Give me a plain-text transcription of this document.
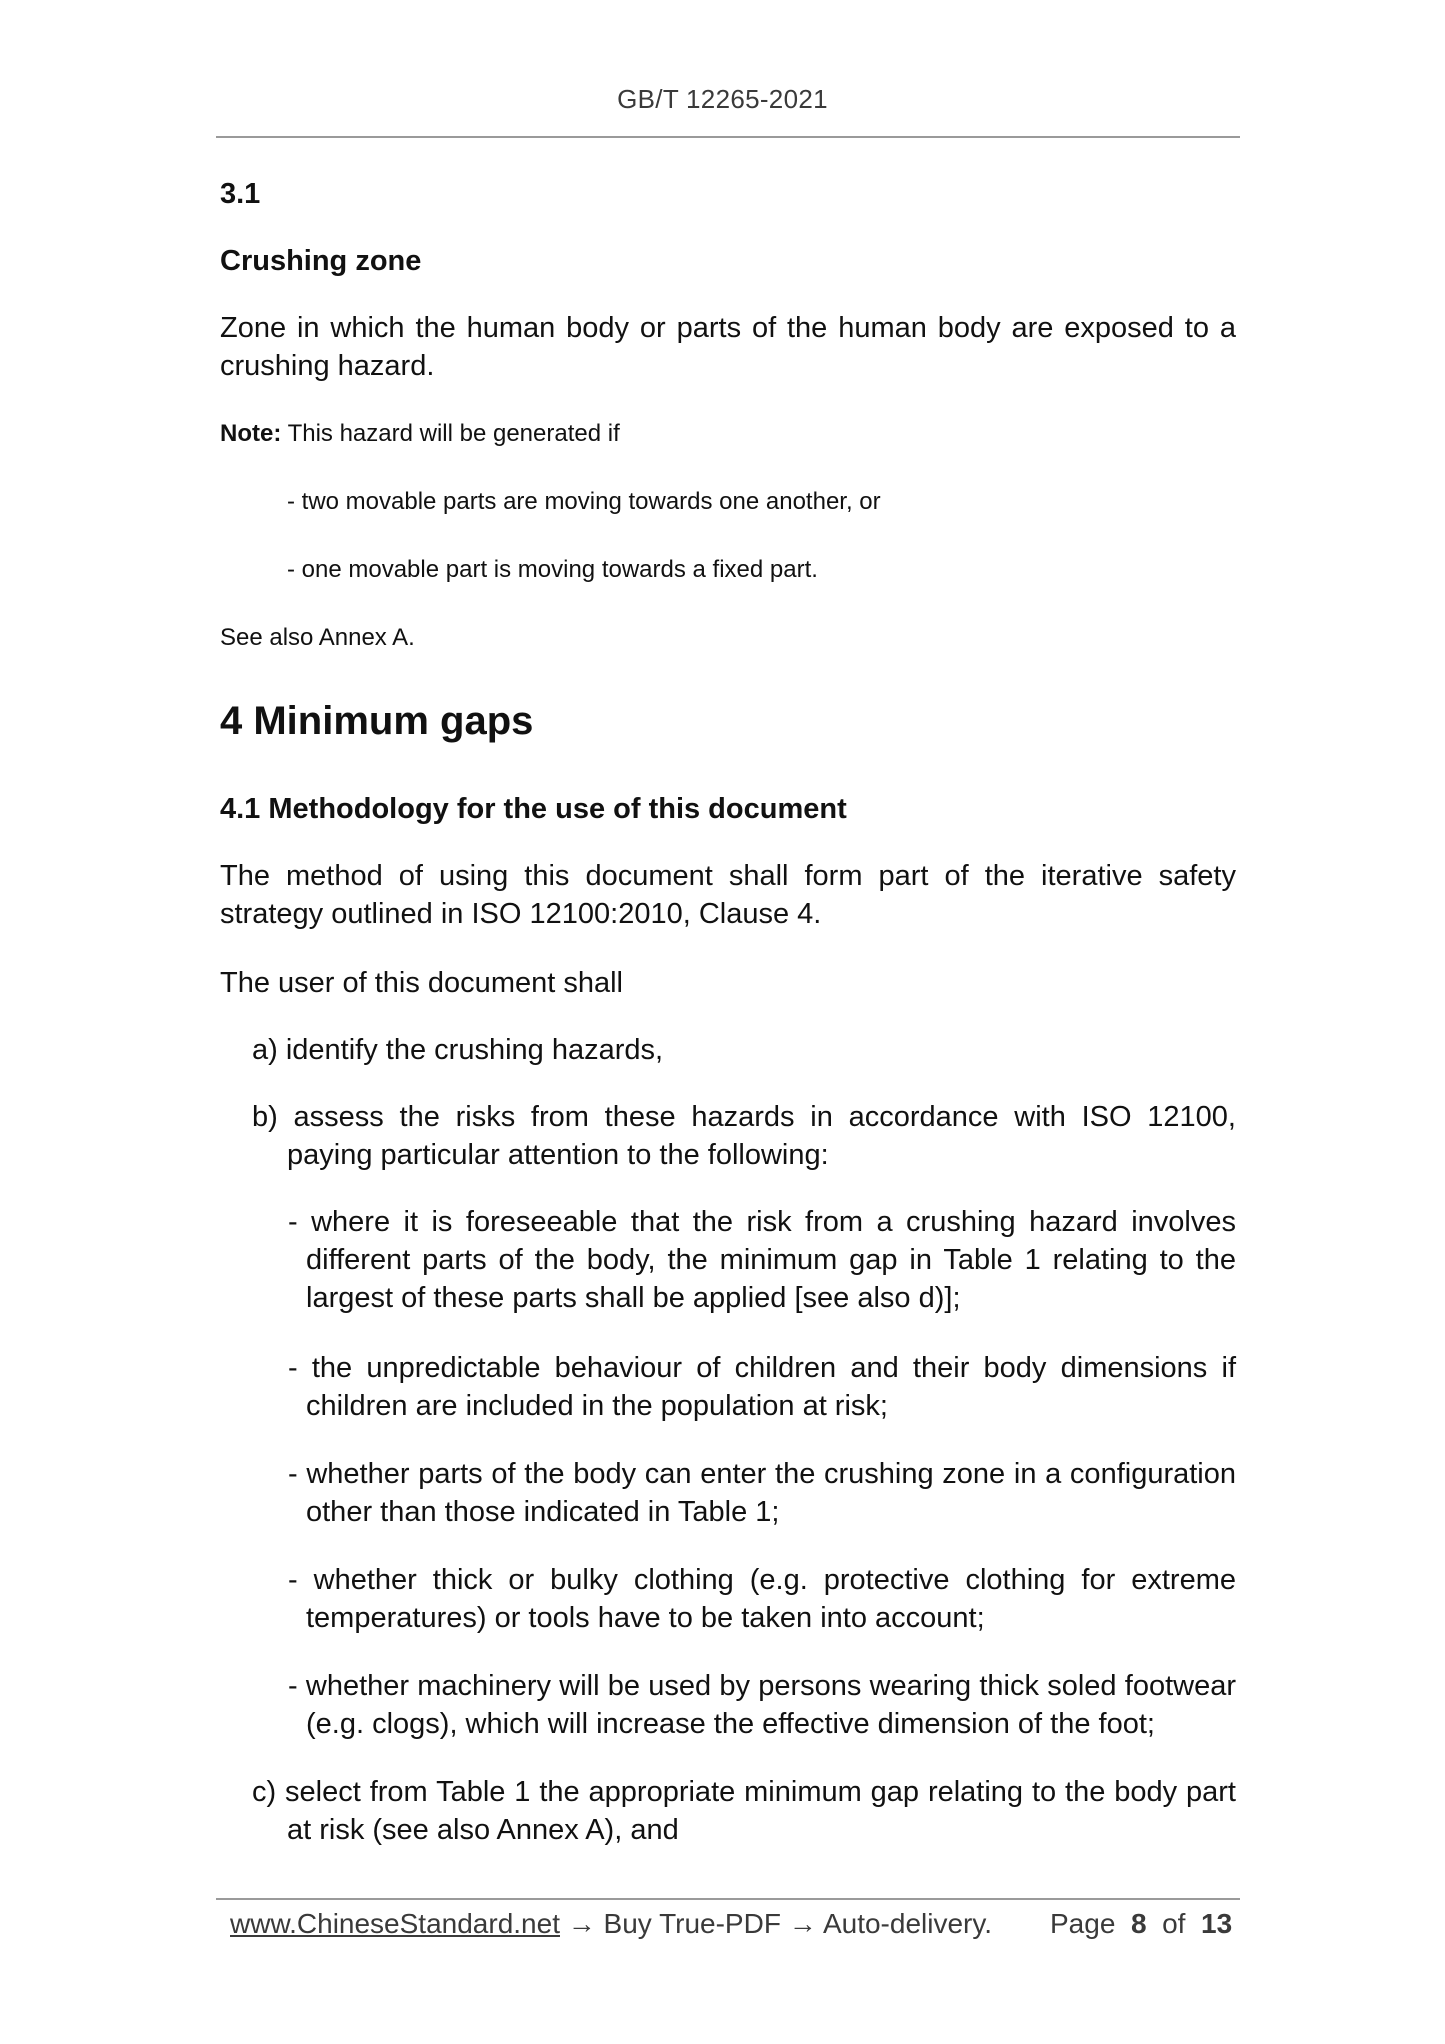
GB/T 12265-2021
3.1
Crushing zone

Zone in which the human body or parts of the human body are exposed to a crushing hazard.

Note: This hazard will be generated if

- two movable parts are moving towards one another, or

- one movable part is moving towards a fixed part.

See also Annex A.

4 Minimum gaps
4.1 Methodology for the use of this document

The method of using this document shall form part of the iterative safety strategy outlined in ISO 12100:2010, Clause 4.

The user of this document shall

a) identify the crushing hazards,

b) assess the risks from these hazards in accordance with ISO 12100, paying particular attention to the following:

- where it is foreseeable that the risk from a crushing hazard involves different parts of the body, the minimum gap in Table 1 relating to the largest of these parts shall be applied [see also d)];

- the unpredictable behaviour of children and their body dimensions if children are included in the population at risk;

- whether parts of the body can enter the crushing zone in a configuration other than those indicated in Table 1;

- whether thick or bulky clothing (e.g. protective clothing for extreme temperatures) or tools have to be taken into account;

- whether machinery will be used by persons wearing thick soled footwear (e.g. clogs), which will increase the effective dimension of the foot;

c) select from Table 1 the appropriate minimum gap relating to the body part at risk (see also Annex A), and

www.ChineseStandard.net → Buy True-PDF → Auto-delivery. Page 8 of 13
